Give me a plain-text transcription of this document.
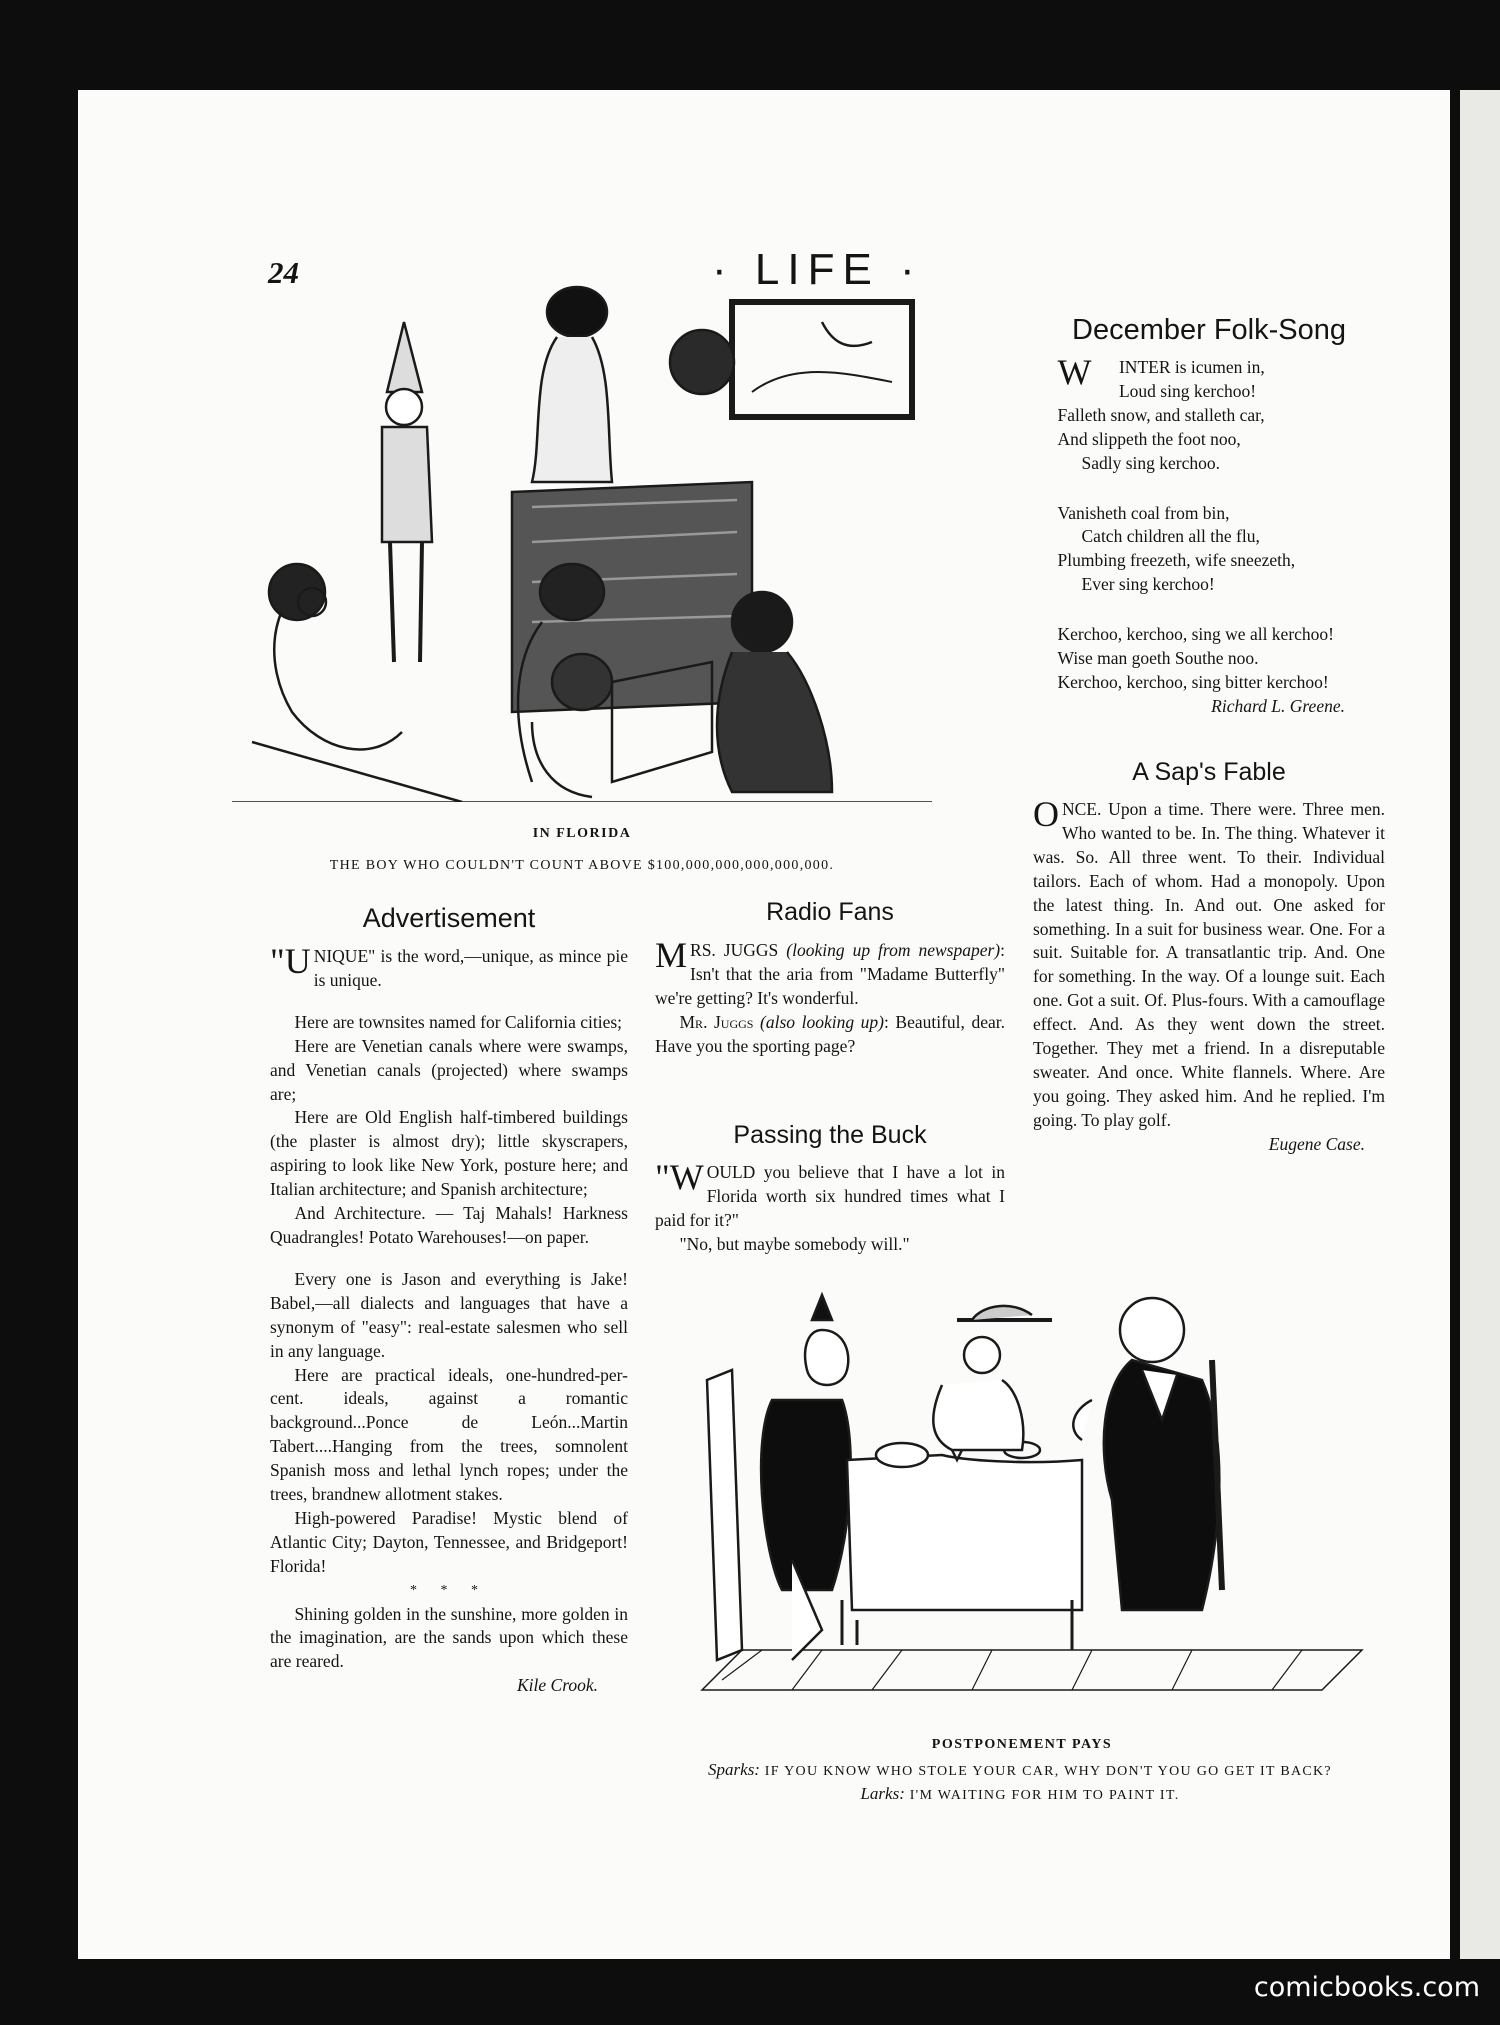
24	· LIFE ·
IN FLORIDA
THE BOY WHO COULDN'T COUNT ABOVE $100,000,000,000,000,000.
Advertisement

"UNIQUE" is the word,—unique, as mince pie is unique.

Here are townsites named for California cities;

Here are Venetian canals where were swamps, and Venetian canals (projected) where swamps are;

Here are Old English half-timbered buildings (the plaster is almost dry); little skyscrapers, aspiring to look like New York, posture here; and Italian architecture; and Spanish architecture;

And Architecture. — Taj Mahals! Harkness Quadrangles! Potato Warehouses!—on paper.

Every one is Jason and everything is Jake! Babel,—all dialects and languages that have a synonym of "easy": real-estate salesmen who sell in any language.

Here are practical ideals, one-hundred-per-cent. ideals, against a romantic background...Ponce de León...Martin Tabert....Hanging from the trees, somnolent Spanish moss and lethal lynch ropes; under the trees, brandnew allotment stakes.

High-powered Paradise! Mystic blend of Atlantic City; Dayton, Tennessee, and Bridgeport! Florida!

* * *

Shining golden in the sunshine, more golden in the imagination, are the sands upon which these are reared.

Kile Crook.
Radio Fans

MRS. JUGGS (looking up from newspaper): Isn't that the aria from "Madame Butterfly" we're getting? It's wonderful.

Mr. Juggs (also looking up): Beautiful, dear. Have you the sporting page?

Passing the Buck

"WOULD you believe that I have a lot in Florida worth six hundred times what I paid for it?"

"No, but maybe somebody will."

December Folk-Song

W INTER is icumen in,

Loud sing kerchoo!

Falleth snow, and stalleth car,

And slippeth the foot noo,

Sadly sing kerchoo.

Vanisheth coal from bin,

Catch children all the flu,

Plumbing freezeth, wife sneezeth,

Ever sing kerchoo!

Kerchoo, kerchoo, sing we all kerchoo!

Wise man goeth Southe noo.

Kerchoo, kerchoo, sing bitter kerchoo!

Richard L. Greene.
A Sap's Fable

ONCE. Upon a time. There were. Three men. Who wanted to be. In. The thing. Whatever it was. So. All three went. To their. Individual tailors. Each of whom. Had a monopoly. Upon the latest thing. In. And out. One asked for something. In a suit for business wear. One. For a suit. Suitable for. A transatlantic trip. And. One for something. In the way. Of a lounge suit. Each one. Got a suit. Of. Plus-fours. With a camouflage effect. And. As they went down the street. Together. They met a friend. In a disreputable sweater. And once. White flannels. Where. Are you going. They asked him. And he replied. I'm going. To play golf.

Eugene Case.
POSTPONEMENT PAYS
Sparks: IF YOU KNOW WHO STOLE YOUR CAR, WHY DON'T YOU GO GET IT BACK?
Larks: I'M WAITING FOR HIM TO PAINT IT.
comicbooks.com
